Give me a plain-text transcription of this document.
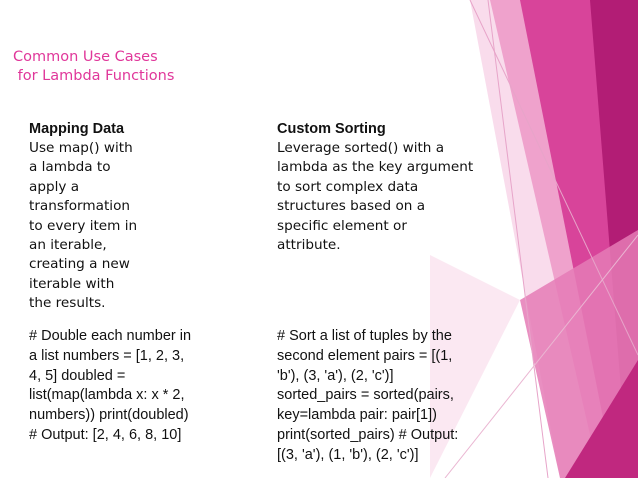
Common Use Cases
for Lambda Functions
Mapping Data
Use map() with
a lambda to
apply a
transformation
to every item in
an iterable,
creating a new
iterable with
the results.
# Double each number in
a list numbers = [1, 2, 3,
4, 5] doubled =
list(map(lambda x: x * 2,
numbers)) print(doubled)
# Output: [2, 4, 6, 8, 10]
Custom Sorting
Leverage sorted() with a
lambda as the key argument
to sort complex data
structures based on a
specific element or
attribute.
# Sort a list of tuples by the
second element pairs = [(1,
'b'), (3, 'a'), (2, 'c')]
sorted_pairs = sorted(pairs,
key=lambda pair: pair[1])
print(sorted_pairs) # Output:
[(3, 'a'), (1, 'b'), (2, 'c')]
